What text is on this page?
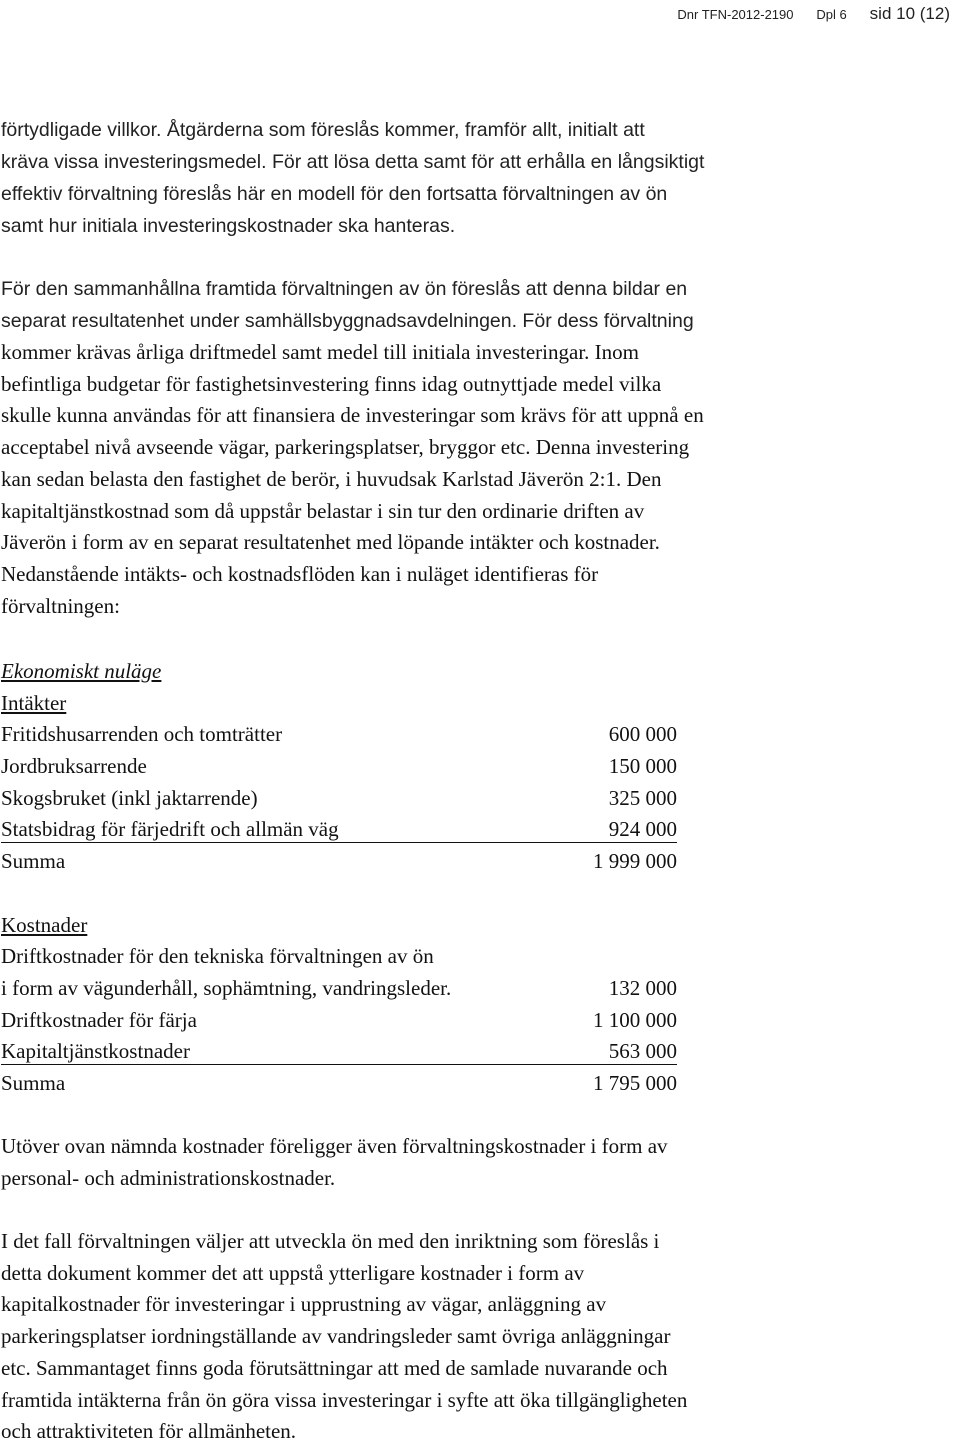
Dnr TFN-2012-2190 Dpl 6 sid 10 (12)
förtydligade villkor. Åtgärderna som föreslås kommer, framför allt, initialt att
kräva vissa investeringsmedel. För att lösa detta samt för att erhålla en långsiktigt
effektiv förvaltning föreslås här en modell för den fortsatta förvaltningen av ön
samt hur initiala investeringskostnader ska hanteras.
För den sammanhållna framtida förvaltningen av ön föreslås att denna bildar en
separat resultatenhet under samhällsbyggnadsavdelningen. För dess förvaltning
kommer krävas årliga driftmedel samt medel till initiala investeringar. Inom
befintliga budgetar för fastighetsinvestering finns idag outnyttjade medel vilka
skulle kunna användas för att finansiera de investeringar som krävs för att uppnå en
acceptabel nivå avseende vägar, parkeringsplatser, bryggor etc. Denna investering
kan sedan belasta den fastighet de berör, i huvudsak Karlstad Jäverön 2:1. Den
kapitaltjänstkostnad som då uppstår belastar i sin tur den ordinarie driften av
Jäverön i form av en separat resultatenhet med löpande intäkter och kostnader.
Nedanstående intäkts- och kostnadsflöden kan i nuläget identifieras för
förvaltningen:
Ekonomiskt nuläge
Intäkter
Fritidshusarrenden och tomträtter	600 000
Jordbruksarrende	150 000
Skogsbruket (inkl jaktarrende)	325 000
Statsbidrag för färjedrift och allmän väg	924 000
Summa	1 999 000
Kostnader
Driftkostnader för den tekniska förvaltningen av ön
i form av vägunderhåll, sophämtning, vandringsleder.	132 000
Driftkostnader för färja	1 100 000
Kapitaltjänstkostnader	563 000
Summa	1 795 000
Utöver ovan nämnda kostnader föreligger även förvaltningskostnader i form av
personal- och administrationskostnader.
I det fall förvaltningen väljer att utveckla ön med den inriktning som föreslås i
detta dokument kommer det att uppstå ytterligare kostnader i form av
kapitalkostnader för investeringar i upprustning av vägar, anläggning av
parkeringsplatser iordningställande av vandringsleder samt övriga anläggningar
etc. Sammantaget finns goda förutsättningar att med de samlade nuvarande och
framtida intäkterna från ön göra vissa investeringar i syfte att öka tillgängligheten
och attraktiviteten för allmänheten.
